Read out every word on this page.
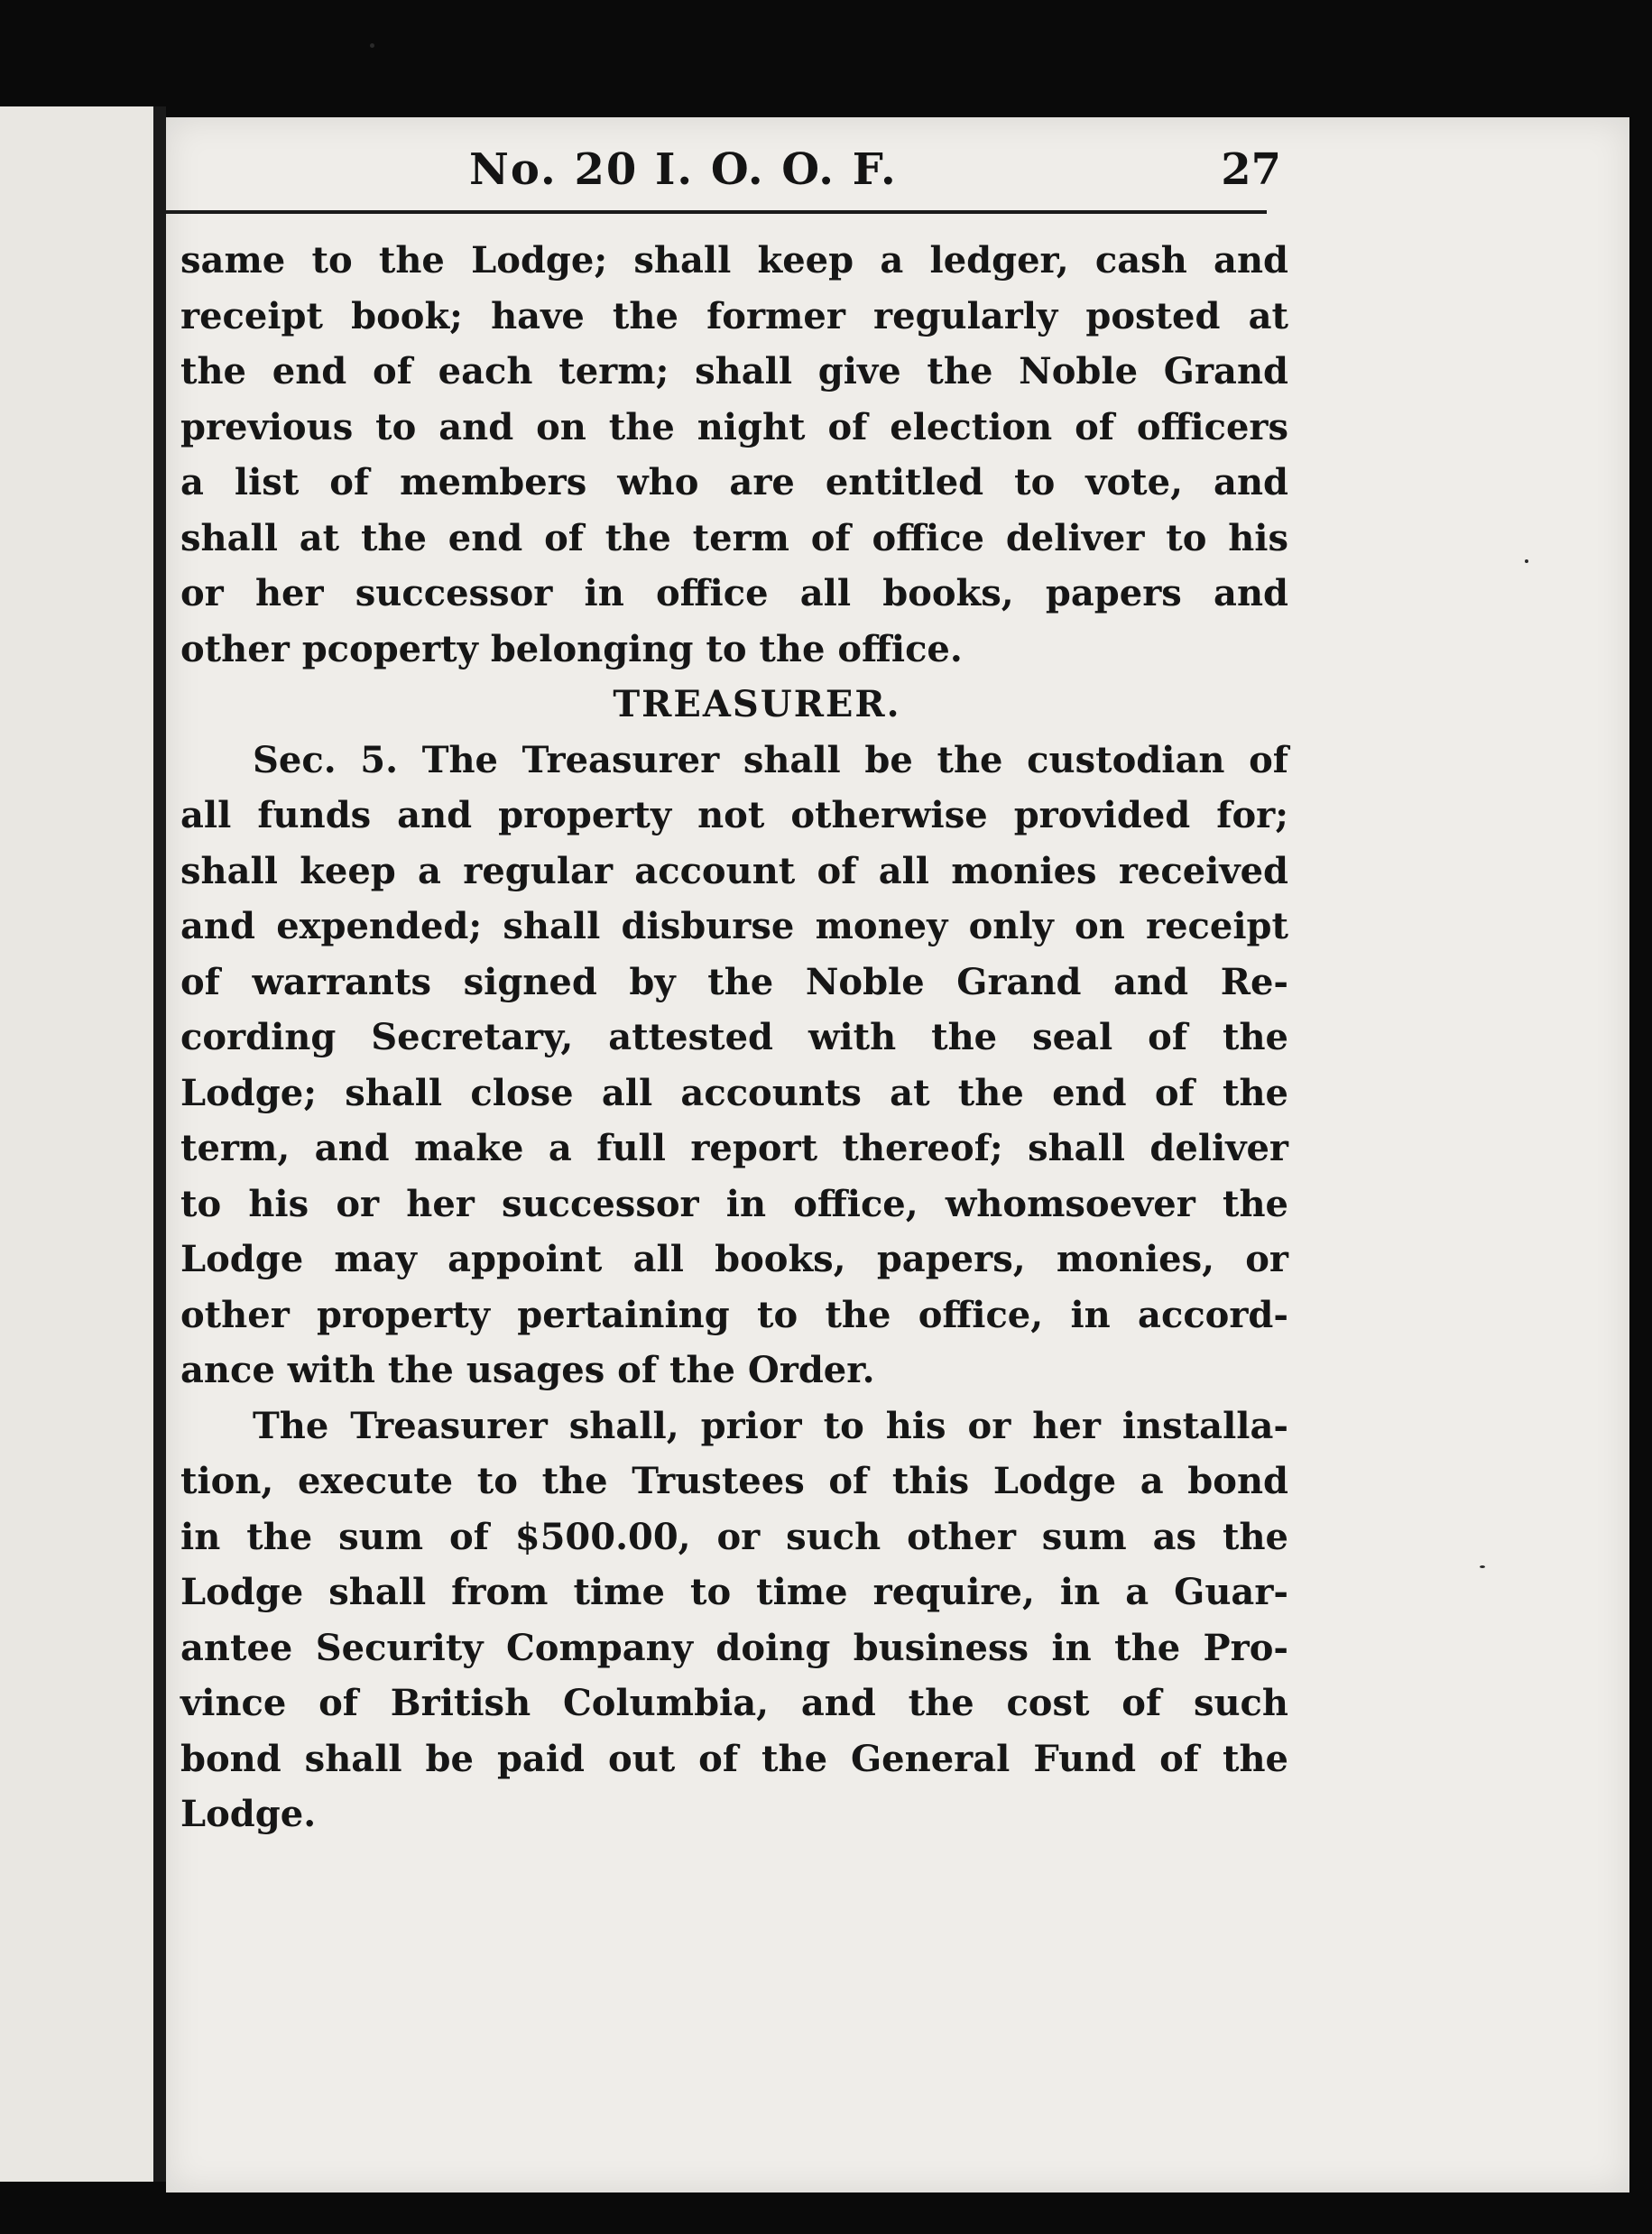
No. 20 I. O. O. F.	27
same to the Lodge; shall keep a ledger, cash and
receipt book; have the former regularly posted at
the end of each term; shall give the Noble Grand
previous to and on the night of election of officers
a list of members who are entitled to vote, and
shall at the end of the term of office deliver to his
or her successor in office all books, papers and
other pcoperty belonging to the office.
TREASURER.
Sec. 5. The Treasurer shall be the custodian of
all funds and property not otherwise provided for;
shall keep a regular account of all monies received
and expended; shall disburse money only on receipt
of warrants signed by the Noble Grand and Re-
cording Secretary, attested with the seal of the
Lodge; shall close all accounts at the end of the
term, and make a full report thereof; shall deliver
to his or her successor in office, whomsoever the
Lodge may appoint all books, papers, monies, or
other property pertaining to the office, in accord-
ance with the usages of the Order.
The Treasurer shall, prior to his or her installa-
tion, execute to the Trustees of this Lodge a bond
in the sum of $500.00, or such other sum as the
Lodge shall from time to time require, in a Guar-
antee Security Company doing business in the Pro-
vince of British Columbia, and the cost of such
bond shall be paid out of the General Fund of the
Lodge.
